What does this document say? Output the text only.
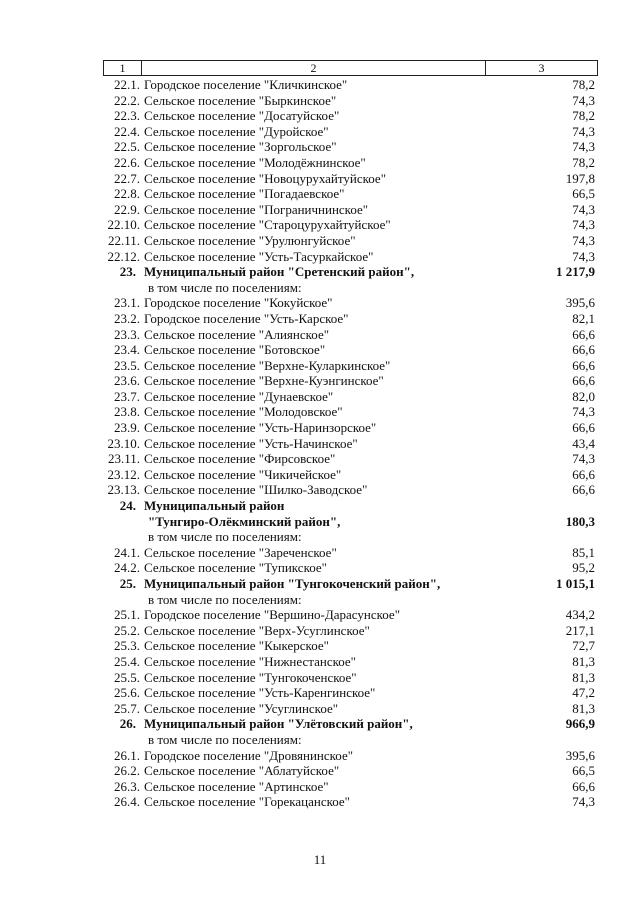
1	2	3
22.1. Городское поселение "Кличкинское"	78,2
22.2. Сельское поселение "Быркинское"	74,3
22.3. Сельское поселение "Досатуйское"	78,2
22.4. Сельское поселение "Дуройское"	74,3
22.5. Сельское поселение "Зоргольское"	74,3
22.6. Сельское поселение "Молодёжнинское"	78,2
22.7. Сельское поселение "Новоцурухайтуйское"	197,8
22.8. Сельское поселение "Погадаевское"	66,5
22.9. Сельское поселение "Пограничнинское"	74,3
22.10. Сельское поселение "Староцурухайтуйское"	74,3
22.11. Сельское поселение "Урулюнгуйское"	74,3
22.12. Сельское поселение "Усть-Тасуркайское"	74,3
23. Муниципальный район "Сретенский район",	1 217,9
в том числе по поселениям:
23.1. Городское поселение "Кокуйское"	395,6
23.2. Городское поселение "Усть-Карское"	82,1
23.3. Сельское поселение "Алиянское"	66,6
23.4. Сельское поселение "Ботовское"	66,6
23.5. Сельское поселение "Верхне-Куларкинское"	66,6
23.6. Сельское поселение "Верхне-Куэнгинское"	66,6
23.7. Сельское поселение "Дунаевское"	82,0
23.8. Сельское поселение "Молодовское"	74,3
23.9. Сельское поселение "Усть-Наринзорское"	66,6
23.10. Сельское поселение "Усть-Начинское"	43,4
23.11. Сельское поселение "Фирсовское"	74,3
23.12. Сельское поселение "Чикичейское"	66,6
23.13. Сельское поселение "Шилко-Заводское"	66,6
24. Муниципальный район
"Тунгиро-Олёкминский район",	180,3
в том числе по поселениям:
24.1. Сельское поселение "Зареченское"	85,1
24.2. Сельское поселение "Тупикское"	95,2
25. Муниципальный район "Тунгокоченский район",	1 015,1
в том числе по поселениям:
25.1. Городское поселение "Вершино-Дарасунское"	434,2
25.2. Сельское поселение "Верх-Усуглинское"	217,1
25.3. Сельское поселение "Кыкерское"	72,7
25.4. Сельское поселение "Нижнестанское"	81,3
25.5. Сельское поселение "Тунгокоченское"	81,3
25.6. Сельское поселение "Усть-Каренгинское"	47,2
25.7. Сельское поселение "Усуглинское"	81,3
26. Муниципальный район "Улётовский район",	966,9
в том числе по поселениям:
26.1. Городское поселение "Дровянинское"	395,6
26.2. Сельское поселение "Аблатуйское"	66,5
26.3. Сельское поселение "Артинское"	66,6
26.4. Сельское поселение "Горекацанское"	74,3
11
